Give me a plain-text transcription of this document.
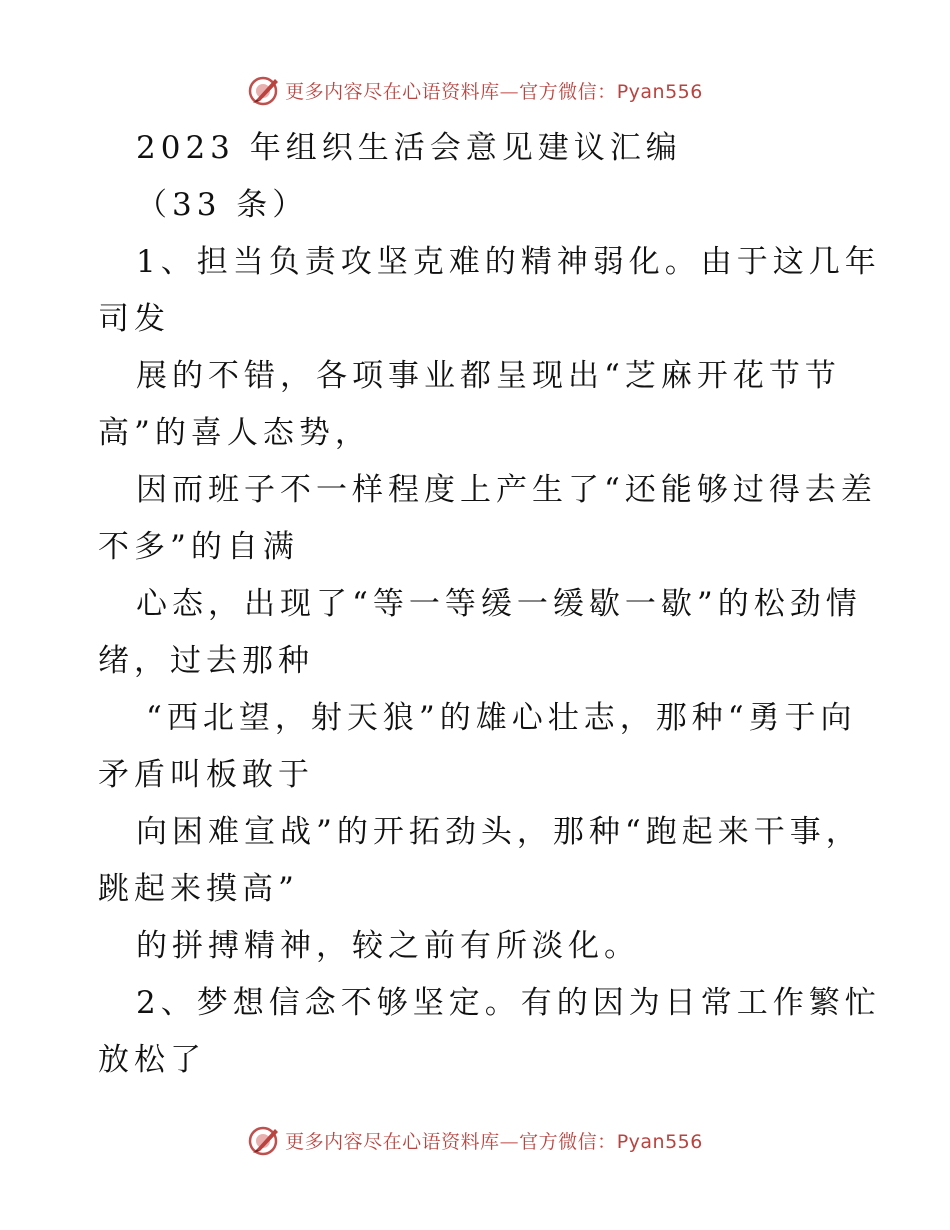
更多内容尽在心语资料库—官方微信：Pyan556
2023 年组织生活会意见建议汇编
（33 条）
1、担当负责攻坚克难的精神弱化。由于这几年
司发
展的不错，各项事业都呈现出“芝麻开花节节
高”的喜人态势，
因而班子不一样程度上产生了“还能够过得去差
不多”的自满
心态，出现了“等一等缓一缓歇一歇”的松劲情
绪，过去那种
“西北望，射天狼”的雄心壮志，那种“勇于向
矛盾叫板敢于
向困难宣战”的开拓劲头，那种“跑起来干事，
跳起来摸高”
的拼搏精神，较之前有所淡化。
2、梦想信念不够坚定。有的因为日常工作繁忙
放松了
更多内容尽在心语资料库—官方微信：Pyan556
